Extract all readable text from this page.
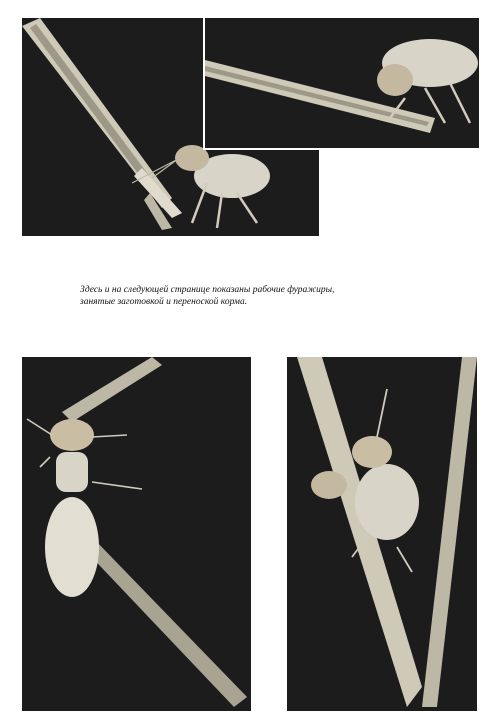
Здесь и на следующей странице показаны рабочие фуражиры,
занятые заготовкой и переноской корма.
